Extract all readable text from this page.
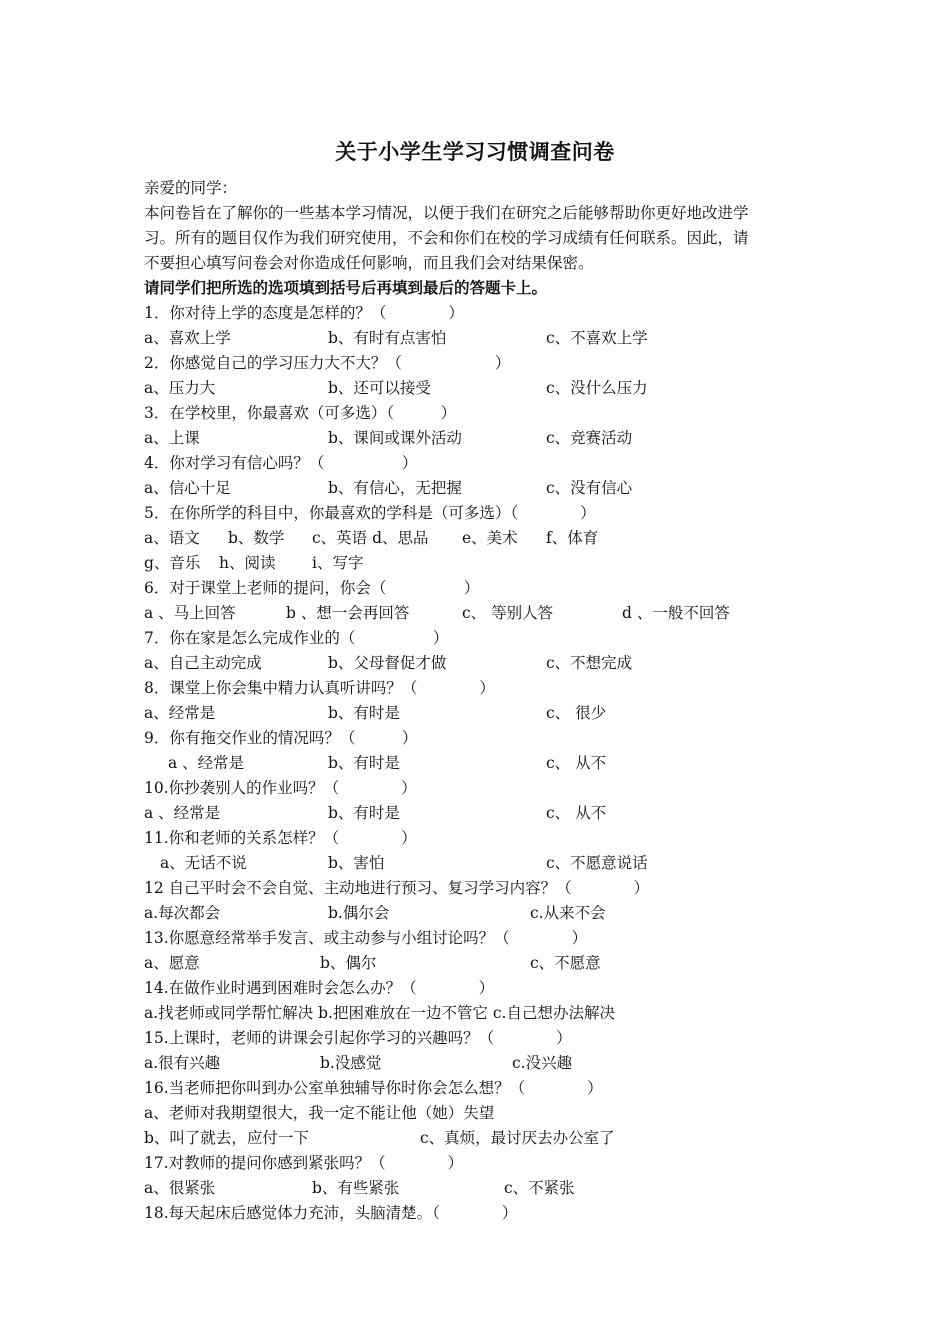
关于小学生学习习惯调查问卷
亲爱的同学：
本问卷旨在了解你的一些基本学习情况，以便于我们在研究之后能够帮助你更好地改进学
习。所有的题目仅作为我们研究使用，不会和你们在校的学习成绩有任何联系。因此，请
不要担心填写问卷会对你造成任何影响，而且我们会对结果保密。
请同学们把所选的选项填到括号后再填到最后的答题卡上。
1．你对待上学的态度是怎样的？（　　　　）
a、喜欢上学	b、有时有点害怕	c、不喜欢上学
2．你感觉自己的学习压力大不大？（　　　　　　）
a、压力大	b、还可以接受	c、没什么压力
3．在学校里，你最喜欢（可多选）（　　　）
a、上课	b、课间或课外活动	c、竞赛活动
4．你对学习有信心吗？（　　　　　）
a、信心十足	b、有信心，无把握	c、没有信心
5．在你所学的科目中，你最喜欢的学科是（可多选）（　　　　）
a、语文 b、数学 c、英语 d、思品 e、美术 f、体育
g、音乐 h、阅读 i、写字
6．对于课堂上老师的提问，你会（　　　　　）
a 、马上回答	b 、想一会再回答	c、 等别人答	d 、一般不回答
7．你在家是怎么完成作业的（　　　　　）
a、自己主动完成	b、父母督促才做	c、不想完成
8．课堂上你会集中精力认真听讲吗？（　　　　）
a、经常是	b、有时是	c、 很少
9．你有拖交作业的情况吗？（　　　）
a 、经常是	b、有时是	c、 从不
10.你抄袭别人的作业吗？（　　　　）
a 、经常是	b、有时是	c、 从不
11.你和老师的关系怎样？（　　　　）
a、无话不说	b、害怕	c、不愿意说话
12 自己平时会不会自觉、主动地进行预习、复习学习内容？（　　　　）
a.每次都会	b.偶尔会	c.从来不会
13.你愿意经常举手发言、或主动参与小组讨论吗？（　　　　）
a、愿意	b、偶尔	c、不愿意
14.在做作业时遇到困难时会怎么办？（　　　　）
a.找老师或同学帮忙解决 b.把困难放在一边不管它 c.自己想办法解决
15.上课时，老师的讲课会引起你学习的兴趣吗？（　　　　）
a.很有兴趣	b.没感觉	c.没兴趣
16.当老师把你叫到办公室单独辅导你时你会怎么想？（　　　　）
a、老师对我期望很大，我一定不能让他（她）失望
b、叫了就去，应付一下	c、真烦，最讨厌去办公室了
17.对教师的提问你感到紧张吗？（　　　　）
a、很紧张	b、有些紧张	c、不紧张
18.每天起床后感觉体力充沛，头脑清楚。（　　　　）
